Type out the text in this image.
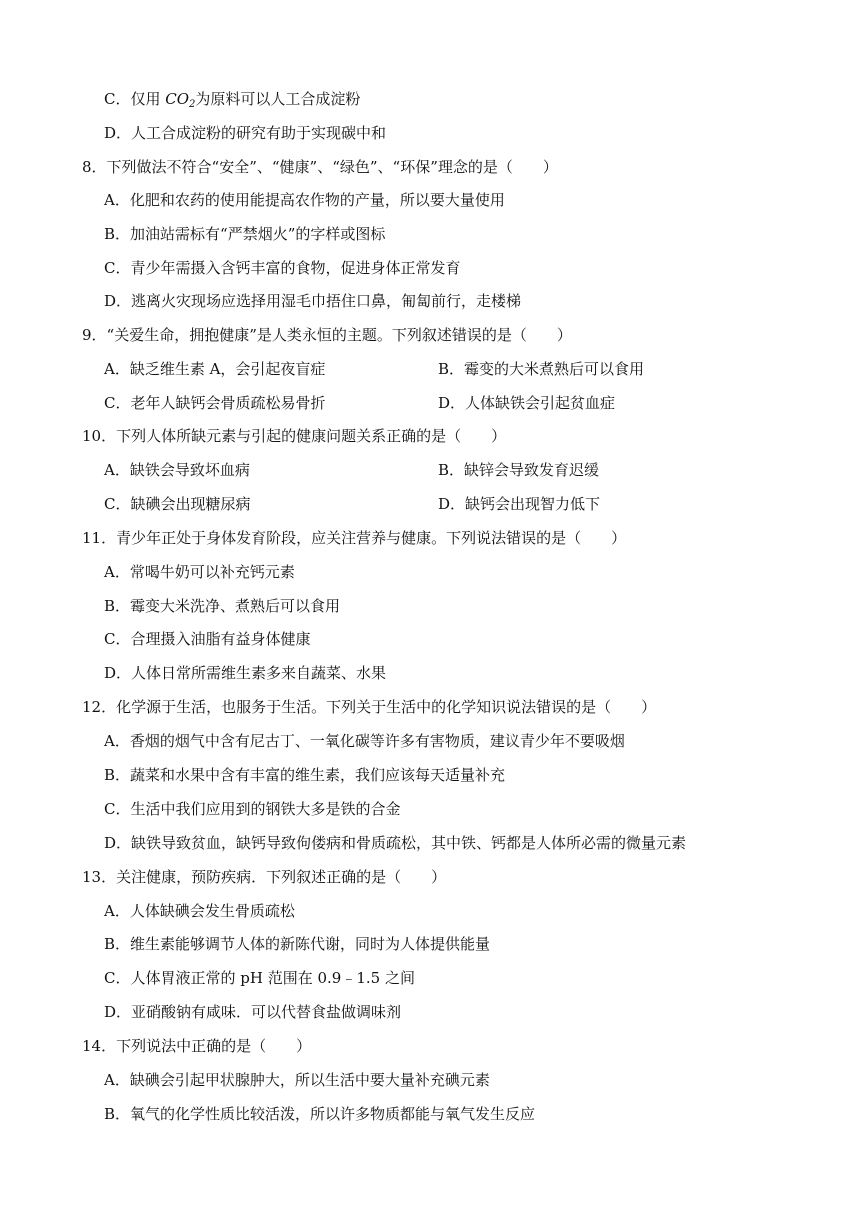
C．仅用 $CO_2$为原料可以人工合成淀粉
D．人工合成淀粉的研究有助于实现碳中和
8．下列做法不符合“安全”、“健康”、“绿色”、“环保”理念的是（　　）
A．化肥和农药的使用能提高农作物的产量，所以要大量使用
B．加油站需标有“严禁烟火”的字样或图标
C．青少年需摄入含钙丰富的食物，促进身体正常发育
D．逃离火灾现场应选择用湿毛巾捂住口鼻，匍匐前行，走楼梯
9．“关爱生命，拥抱健康”是人类永恒的主题。下列叙述错误的是（　　）
A．缺乏维生素 A，会引起夜盲症	B．霉变的大米煮熟后可以食用
C．老年人缺钙会骨质疏松易骨折	D．人体缺铁会引起贫血症
10．下列人体所缺元素与引起的健康问题关系正确的是（　　）
A．缺铁会导致坏血病	B．缺锌会导致发育迟缓
C．缺碘会出现糖尿病	D．缺钙会出现智力低下
11．青少年正处于身体发育阶段，应关注营养与健康。下列说法错误的是（　　）
A．常喝牛奶可以补充钙元素
B．霉变大米洗净、煮熟后可以食用
C．合理摄入油脂有益身体健康
D．人体日常所需维生素多来自蔬菜、水果
12．化学源于生活，也服务于生活。下列关于生活中的化学知识说法错误的是（　　）
A．香烟的烟气中含有尼古丁、一氧化碳等许多有害物质，建议青少年不要吸烟
B．蔬菜和水果中含有丰富的维生素，我们应该每天适量补充
C．生活中我们应用到的钢铁大多是铁的合金
D．缺铁导致贫血，缺钙导致佝偻病和骨质疏松，其中铁、钙都是人体所必需的微量元素
13．关注健康，预防疾病．下列叙述正确的是（　　）
A．人体缺碘会发生骨质疏松
B．维生素能够调节人体的新陈代谢，同时为人体提供能量
C．人体胃液正常的 pH 范围在 0.9﹣1.5 之间
D．亚硝酸钠有咸味．可以代替食盐做调味剂
14．下列说法中正确的是（　　）
A．缺碘会引起甲状腺肿大，所以生活中要大量补充碘元素
B．氧气的化学性质比较活泼，所以许多物质都能与氧气发生反应
